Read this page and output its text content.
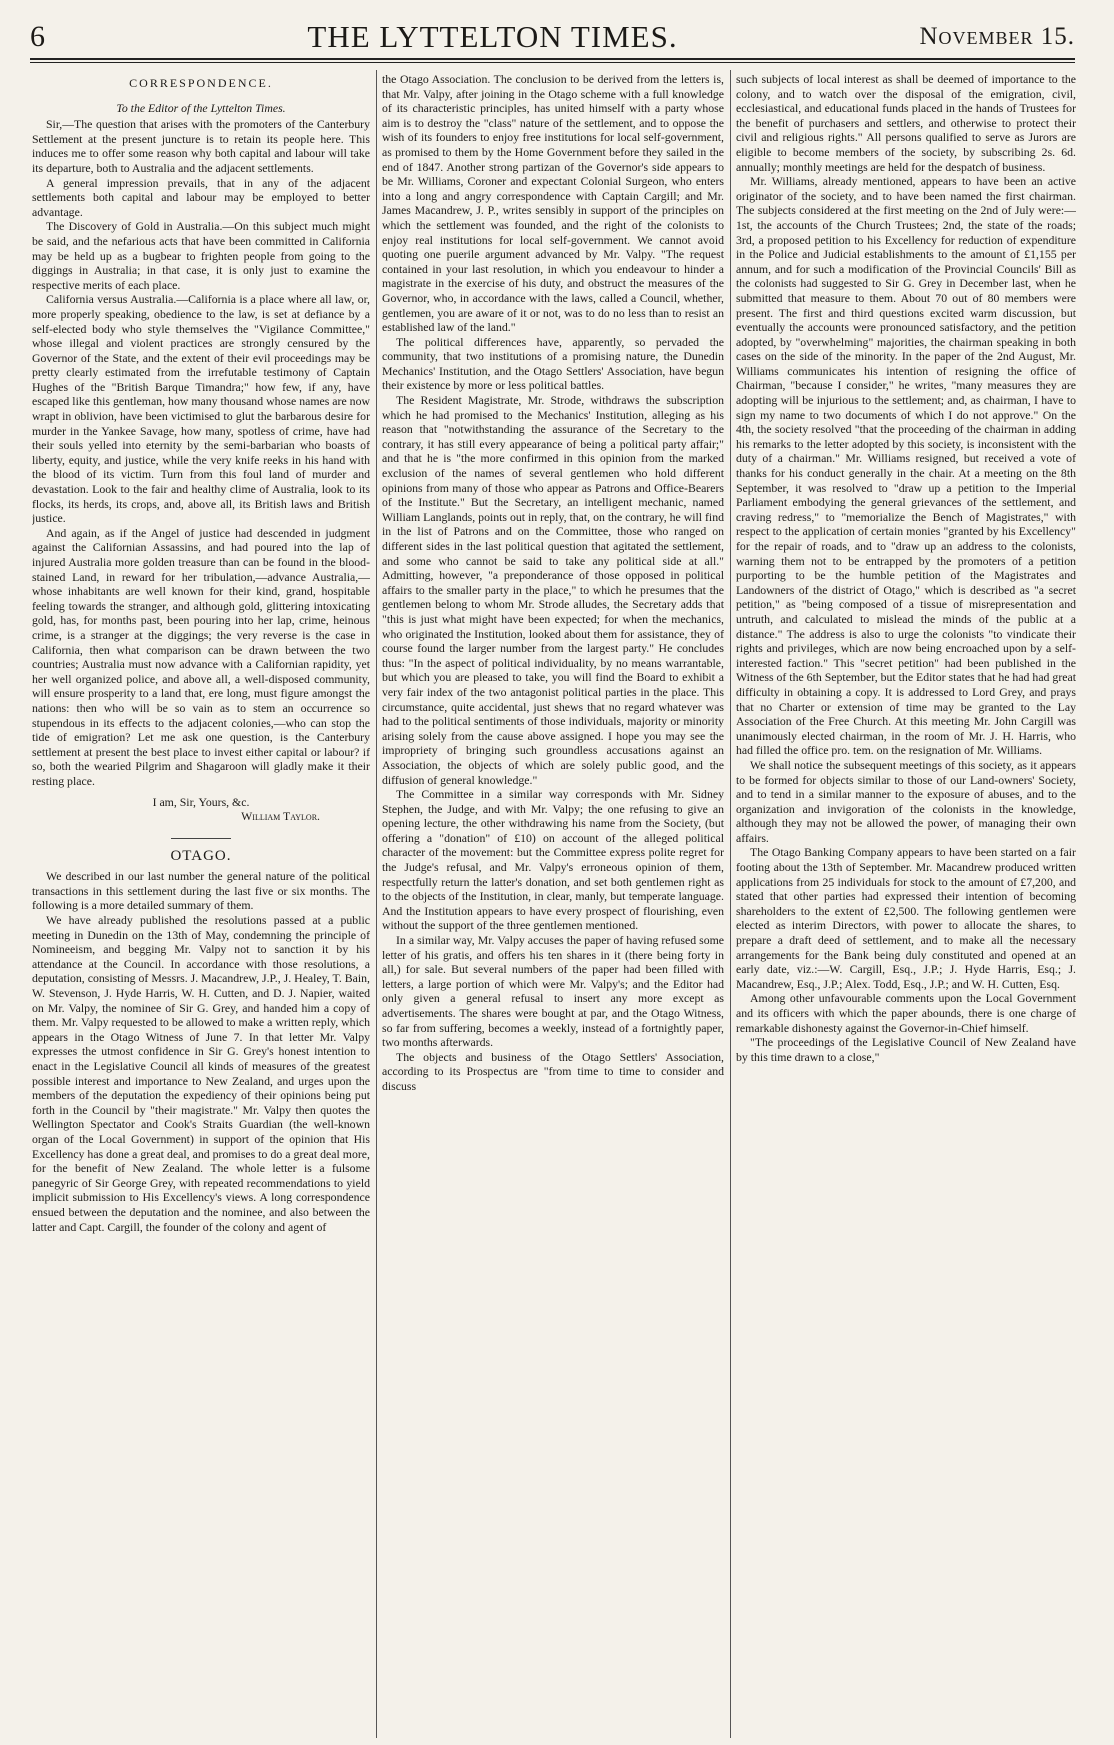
6	THE LYTTELTON TIMES.	November 15.
CORRESPONDENCE.
To the Editor of the Lyttelton Times.

Sir,—The question that arises with the promoters of the Canterbury Settlement at the present juncture is to retain its people here. This induces me to offer some reason why both capital and labour will take its departure, both to Australia and the adjacent settlements.

A general impression prevails, that in any of the adjacent settlements both capital and labour may be employed to better advantage.

The Discovery of Gold in Australia.—On this subject much might be said, and the nefarious acts that have been committed in California may be held up as a bugbear to frighten people from going to the diggings in Australia; in that case, it is only just to examine the respective merits of each place.

California versus Australia.—California is a place where all law, or, more properly speaking, obedience to the law, is set at defiance by a self-elected body who style themselves the "Vigilance Committee," whose illegal and violent practices are strongly censured by the Governor of the State, and the extent of their evil proceedings may be pretty clearly estimated from the irrefutable testimony of Captain Hughes of the "British Barque Timandra;" how few, if any, have escaped like this gentleman, how many thousand whose names are now wrapt in oblivion, have been victimised to glut the barbarous desire for murder in the Yankee Savage, how many, spotless of crime, have had their souls yelled into eternity by the semi-barbarian who boasts of liberty, equity, and justice, while the very knife reeks in his hand with the blood of its victim. Turn from this foul land of murder and devastation. Look to the fair and healthy clime of Australia, look to its flocks, its herds, its crops, and, above all, its British laws and British justice.

And again, as if the Angel of justice had descended in judgment against the Californian Assassins, and had poured into the lap of injured Australia more golden treasure than can be found in the blood-stained Land, in reward for her tribulation,—advance Australia,—whose inhabitants are well known for their kind, grand, hospitable feeling towards the stranger, and although gold, glittering intoxicating gold, has, for months past, been pouring into her lap, crime, heinous crime, is a stranger at the diggings; the very reverse is the case in California, then what comparison can be drawn between the two countries; Australia must now advance with a Californian rapidity, yet her well organized police, and above all, a well-disposed community, will ensure prosperity to a land that, ere long, must figure amongst the nations: then who will be so vain as to stem an occurrence so stupendous in its effects to the adjacent colonies,—who can stop the tide of emigration? Let me ask one question, is the Canterbury settlement at present the best place to invest either capital or labour? if so, both the wearied Pilgrim and Shagaroon will gladly make it their resting place.

I am, Sir, Yours, &c.
William Taylor.
OTAGO.

We described in our last number the general nature of the political transactions in this settlement during the last five or six months. The following is a more detailed summary of them.

We have already published the resolutions passed at a public meeting in Dunedin on the 13th of May, condemning the principle of Nomineeism, and begging Mr. Valpy not to sanction it by his attendance at the Council. In accordance with those resolutions, a deputation, consisting of Messrs. J. Macandrew, J.P., J. Healey, T. Bain, W. Stevenson, J. Hyde Harris, W. H. Cutten, and D. J. Napier, waited on Mr. Valpy, the nominee of Sir G. Grey, and handed him a copy of them. Mr. Valpy requested to be allowed to make a written reply, which appears in the Otago Witness of June 7. In that letter Mr. Valpy expresses the utmost confidence in Sir G. Grey's honest intention to enact in the Legislative Council all kinds of measures of the greatest possible interest and importance to New Zealand, and urges upon the members of the deputation the expediency of their opinions being put forth in the Council by "their magistrate." Mr. Valpy then quotes the Wellington Spectator and Cook's Straits Guardian (the well-known organ of the Local Government) in support of the opinion that His Excellency has done a great deal, and promises to do a great deal more, for the benefit of New Zealand. The whole letter is a fulsome panegyric of Sir George Grey, with repeated recommendations to yield implicit submission to His Excellency's views. A long correspondence ensued between the deputation and the nominee, and also between the latter and Capt. Cargill, the founder of the colony and agent of

the Otago Association. The conclusion to be derived from the letters is, that Mr. Valpy, after joining in the Otago scheme with a full knowledge of its characteristic principles, has united himself with a party whose aim is to destroy the "class" nature of the settlement, and to oppose the wish of its founders to enjoy free institutions for local self-government, as promised to them by the Home Government before they sailed in the end of 1847. Another strong partizan of the Governor's side appears to be Mr. Williams, Coroner and expectant Colonial Surgeon, who enters into a long and angry correspondence with Captain Cargill; and Mr. James Macandrew, J. P., writes sensibly in support of the principles on which the settlement was founded, and the right of the colonists to enjoy real institutions for local self-government. We cannot avoid quoting one puerile argument advanced by Mr. Valpy. "The request contained in your last resolution, in which you endeavour to hinder a magistrate in the exercise of his duty, and obstruct the measures of the Governor, who, in accordance with the laws, called a Council, whether, gentlemen, you are aware of it or not, was to do no less than to resist an established law of the land."

The political differences have, apparently, so pervaded the community, that two institutions of a promising nature, the Dunedin Mechanics' Institution, and the Otago Settlers' Association, have begun their existence by more or less political battles.

The Resident Magistrate, Mr. Strode, withdraws the subscription which he had promised to the Mechanics' Institution, alleging as his reason that "notwithstanding the assurance of the Secretary to the contrary, it has still every appearance of being a political party affair;" and that he is "the more confirmed in this opinion from the marked exclusion of the names of several gentlemen who hold different opinions from many of those who appear as Patrons and Office-Bearers of the Institute." But the Secretary, an intelligent mechanic, named William Langlands, points out in reply, that, on the contrary, he will find in the list of Patrons and on the Committee, those who ranged on different sides in the last political question that agitated the settlement, and some who cannot be said to take any political side at all." Admitting, however, "a preponderance of those opposed in political affairs to the smaller party in the place," to which he presumes that the gentlemen belong to whom Mr. Strode alludes, the Secretary adds that "this is just what might have been expected; for when the mechanics, who originated the Institution, looked about them for assistance, they of course found the larger number from the largest party." He concludes thus: "In the aspect of political individuality, by no means warrantable, but which you are pleased to take, you will find the Board to exhibit a very fair index of the two antagonist political parties in the place. This circumstance, quite accidental, just shews that no regard whatever was had to the political sentiments of those individuals, majority or minority arising solely from the cause above assigned. I hope you may see the impropriety of bringing such groundless accusations against an Association, the objects of which are solely public good, and the diffusion of general knowledge."

The Committee in a similar way corresponds with Mr. Sidney Stephen, the Judge, and with Mr. Valpy; the one refusing to give an opening lecture, the other withdrawing his name from the Society, (but offering a "donation" of £10) on account of the alleged political character of the movement: but the Committee express polite regret for the Judge's refusal, and Mr. Valpy's erroneous opinion of them, respectfully return the latter's donation, and set both gentlemen right as to the objects of the Institution, in clear, manly, but temperate language. And the Institution appears to have every prospect of flourishing, even without the support of the three gentlemen mentioned.

In a similar way, Mr. Valpy accuses the paper of having refused some letter of his gratis, and offers his ten shares in it (there being forty in all,) for sale. But several numbers of the paper had been filled with letters, a large portion of which were Mr. Valpy's; and the Editor had only given a general refusal to insert any more except as advertisements. The shares were bought at par, and the Otago Witness, so far from suffering, becomes a weekly, instead of a fortnightly paper, two months afterwards.

The objects and business of the Otago Settlers' Association, according to its Prospectus are "from time to time to consider and discuss

such subjects of local interest as shall be deemed of importance to the colony, and to watch over the disposal of the emigration, civil, ecclesiastical, and educational funds placed in the hands of Trustees for the benefit of purchasers and settlers, and otherwise to protect their civil and religious rights." All persons qualified to serve as Jurors are eligible to become members of the society, by subscribing 2s. 6d. annually; monthly meetings are held for the despatch of business.

Mr. Williams, already mentioned, appears to have been an active originator of the society, and to have been named the first chairman. The subjects considered at the first meeting on the 2nd of July were:—1st, the accounts of the Church Trustees; 2nd, the state of the roads; 3rd, a proposed petition to his Excellency for reduction of expenditure in the Police and Judicial establishments to the amount of £1,155 per annum, and for such a modification of the Provincial Councils' Bill as the colonists had suggested to Sir G. Grey in December last, when he submitted that measure to them. About 70 out of 80 members were present. The first and third questions excited warm discussion, but eventually the accounts were pronounced satisfactory, and the petition adopted, by "overwhelming" majorities, the chairman speaking in both cases on the side of the minority. In the paper of the 2nd August, Mr. Williams communicates his intention of resigning the office of Chairman, "because I consider," he writes, "many measures they are adopting will be injurious to the settlement; and, as chairman, I have to sign my name to two documents of which I do not approve." On the 4th, the society resolved "that the proceeding of the chairman in adding his remarks to the letter adopted by this society, is inconsistent with the duty of a chairman." Mr. Williams resigned, but received a vote of thanks for his conduct generally in the chair. At a meeting on the 8th September, it was resolved to "draw up a petition to the Imperial Parliament embodying the general grievances of the settlement, and craving redress," to "memorialize the Bench of Magistrates," with respect to the application of certain monies "granted by his Excellency" for the repair of roads, and to "draw up an address to the colonists, warning them not to be entrapped by the promoters of a petition purporting to be the humble petition of the Magistrates and Landowners of the district of Otago," which is described as "a secret petition," as "being composed of a tissue of misrepresentation and untruth, and calculated to mislead the minds of the public at a distance." The address is also to urge the colonists "to vindicate their rights and privileges, which are now being encroached upon by a self-interested faction." This "secret petition" had been published in the Witness of the 6th September, but the Editor states that he had had great difficulty in obtaining a copy. It is addressed to Lord Grey, and prays that no Charter or extension of time may be granted to the Lay Association of the Free Church. At this meeting Mr. John Cargill was unanimously elected chairman, in the room of Mr. J. H. Harris, who had filled the office pro. tem. on the resignation of Mr. Williams.

We shall notice the subsequent meetings of this society, as it appears to be formed for objects similar to those of our Land-owners' Society, and to tend in a similar manner to the exposure of abuses, and to the organization and invigoration of the colonists in the knowledge, although they may not be allowed the power, of managing their own affairs.

The Otago Banking Company appears to have been started on a fair footing about the 13th of September. Mr. Macandrew produced written applications from 25 individuals for stock to the amount of £7,200, and stated that other parties had expressed their intention of becoming shareholders to the extent of £2,500. The following gentlemen were elected as interim Directors, with power to allocate the shares, to prepare a draft deed of settlement, and to make all the necessary arrangements for the Bank being duly constituted and opened at an early date, viz.:—W. Cargill, Esq., J.P.; J. Hyde Harris, Esq.; J. Macandrew, Esq., J.P.; Alex. Todd, Esq., J.P.; and W. H. Cutten, Esq.

Among other unfavourable comments upon the Local Government and its officers with which the paper abounds, there is one charge of remarkable dishonesty against the Governor-in-Chief himself.

"The proceedings of the Legislative Council of New Zealand have by this time drawn to a close,"
